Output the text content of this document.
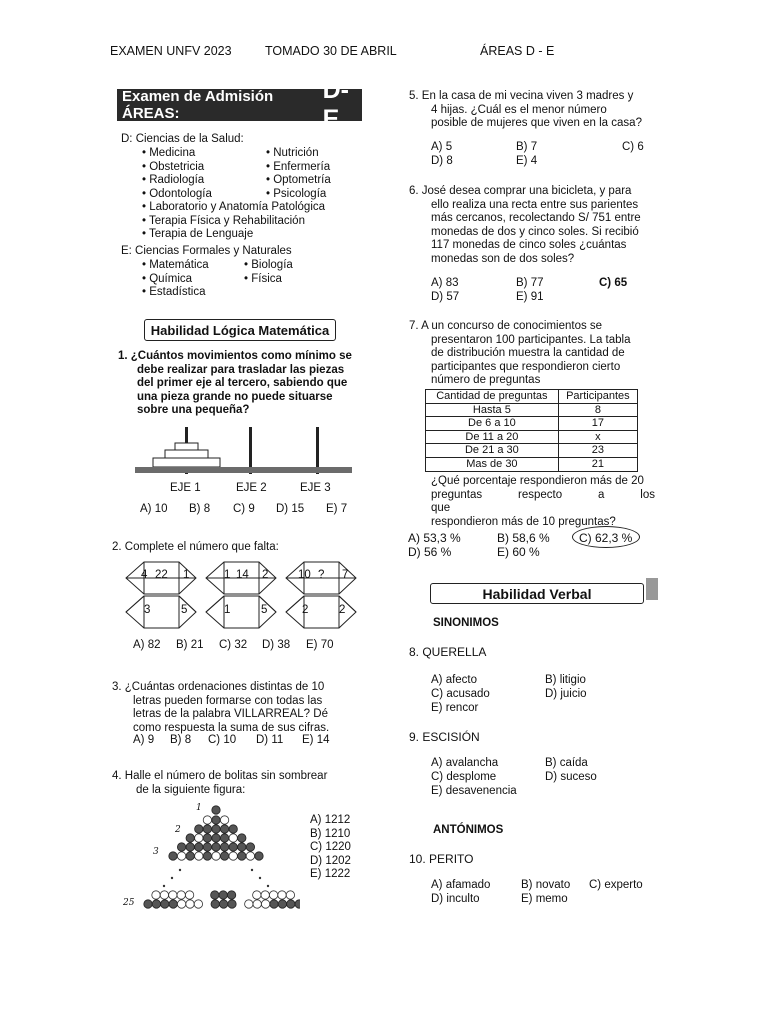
EXAMEN UNFV 2023	TOMADO 30 DE ABRIL	ÁREAS D - E
Examen de Admisión ÁREAS:
D-E
D: Ciencias de la Salud:
• Medicina
• Obstetricia
• Radiología
• Odontología
• Nutrición
• Enfermería
• Optometría
• Psicología
• Laboratorio y Anatomía Patológica
• Terapia Física y Rehabilitación
• Terapia de Lenguaje
E: Ciencias Formales y Naturales
• Matemática
• Química
• Estadística
• Biología
• Física
Habilidad Lógica Matemática
1. ¿Cuántos movimientos como mínimo se
debe realizar para trasladar las piezas
del primer eje al tercero, sabiendo que
una pieza grande no puede situarse
sobre una pequeña?
EJE 1	EJE 2	EJE 3
A) 10 B) 8 C) 9 D) 15 E) 7
2. Complete el número que falta:
4 22 1
3	5
1 14 2
1	5
10 ? 7
2	2
A) 82 B) 21 C) 32 D) 38 E) 70
3. ¿Cuántas ordenaciones distintas de 10
letras pueden formarse con todas las
letras de la palabra VILLARREAL? Dé
como respuesta la suma de sus cifras.
A) 9 B) 8 C) 10 D) 11 E) 14
4. Halle el número de bolitas sin sombrear
de la siguiente figura:
1
2
3
25
A) 1212
B) 1210
C) 1220
D) 1202
E) 1222
5. En la casa de mi vecina viven 3 madres y
4 hijas. ¿Cuál es el menor número
posible de mujeres que viven en la casa?
A) 5	B) 7	C) 6
D) 8	E) 4
6. José desea comprar una bicicleta, y para
ello realiza una recta entre sus parientes
más cercanos, recolectando S/ 751 entre
monedas de dos y cinco soles. Si recibió
117 monedas de cinco soles ¿cuántas
monedas son de dos soles?
A) 83	B) 77	C) 65
D) 57	E) 91
7. A un concurso de conocimientos se
presentaron 100 participantes. La tabla
de distribución muestra la cantidad de
participantes que respondieron cierto
número de preguntas
Cantidad de preguntas	Participantes
Hasta 5	8
De 6 a 10	17
De 11 a 20	x
De 21 a 30	23
Mas de 30	21
¿Qué porcentaje respondieron más de 20
preguntas respecto a los que
respondieron más de 10 preguntas?
A) 53,3 %	B) 58,6 % C) 62,3 %
D) 56 %	E) 60 %
Habilidad Verbal
SINONIMOS
8. QUERELLA
A) afecto	B) litigio
C) acusado	D) juicio
E) rencor
9. ESCISIÓN
A) avalancha	B) caída
C) desplome	D) suceso
E) desavenencia
ANTÓNIMOS
10. PERITO
A) afamado	B) novato C) experto
D) inculto	E) memo
